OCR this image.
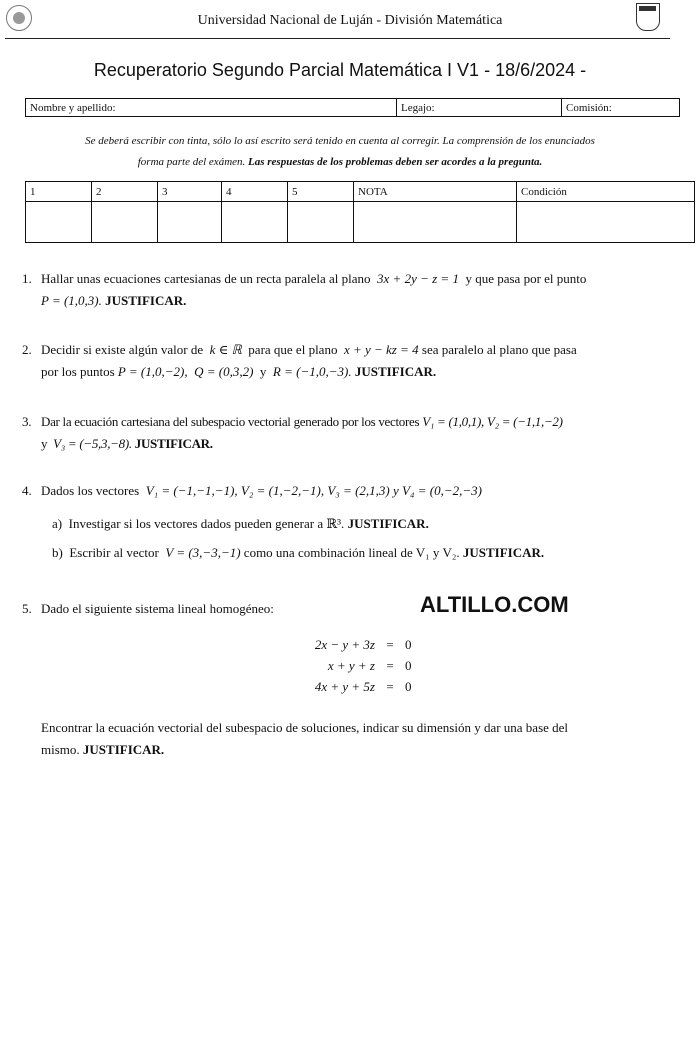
Universidad Nacional de Luján - División Matemática
Recuperatorio Segundo Parcial Matemática I V1 - 18/6/2024 -
Nombre y apellido:	Legajo:	Comisión:
Se deberá escribir con tinta, sólo lo así escrito será tenido en cuenta al corregir. La comprensión de los enunciados
forma parte del exámen. Las respuestas de los problemas deben ser acordes a la pregunta.
1	2	3	4	5	NOTA	Condición

1. Hallar unas ecuaciones cartesianas de un recta paralela al plano 3x + 2y − z = 1 y que pasa por el punto
P = (1,0,3). JUSTIFICAR.
2. Decidir si existe algún valor de k ∈ ℝ para que el plano x + y − kz = 4 sea paralelo al plano que pasa
por los puntos P = (1,0,−2), Q = (0,3,2) y R = (−1,0,−3). JUSTIFICAR.
3. Dar la ecuación cartesiana del subespacio vectorial generado por los vectores V₁ = (1,0,1), V₂ = (−1,1,−2)
y V₃ = (−5,3,−8). JUSTIFICAR.
4. Dados los vectores V₁ = (−1,−1,−1), V₂ = (1,−2,−1), V₃ = (2,1,3) y V₄ = (0,−2,−3)
a) Investigar si los vectores dados pueden generar a ℝ³. JUSTIFICAR.
b) Escribir al vector V = (3,−3,−1) como una combinación lineal de V₁ y V₂. JUSTIFICAR.
5. Dado el siguiente sistema lineal homogéneo:	ALTILLO.COM
2x − y + 3z = 0
x + y + z = 0
4x + y + 5z = 0
Encontrar la ecuación vectorial del subespacio de soluciones, indicar su dimensión y dar una base del
mismo. JUSTIFICAR.
